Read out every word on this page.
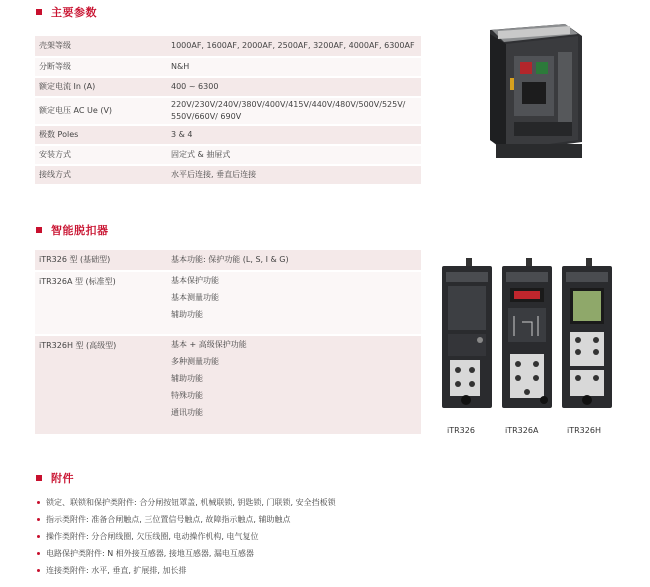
主要参数
壳架等级	1000AF, 1600AF, 2000AF, 2500AF, 3200AF, 4000AF, 6300AF
分断等级	N&H
额定电流 In (A)	400 ~ 6300
额定电压 AC Ue (V)	220V/230V/240V/380V/400V/415V/440V/480V/500V/525V/
550V/660V/ 690V

极数 Poles	3 & 4
安装方式	固定式 & 抽屉式
接线方式	水平后连接, 垂直后连接
智能脱扣器
iTR326 型 (基础型)	基本功能: 保护功能 (L, S, I & G)

iTR326A 型 (标准型)	基本保护功能
基本测量功能
辅助功能

iTR326H 型 (高级型)	基本 + 高级保护功能
多种测量功能
辅助功能
特殊功能
通讯功能
iTR326	iTR326A	iTR326H
附件
锁定、联锁和保护类附件: 合分闸按钮罩盖, 机械联锁, 钥匙锁, 门联锁, 安全挡板锁
指示类附件: 准备合闸触点, 三位置信号触点, 故障指示触点, 辅助触点
操作类附件: 分合闸线圈, 欠压线圈, 电动操作机构, 电气复位
电路保护类附件: N 相外接互感器, 接地互感器, 漏电互感器
连接类附件: 水平, 垂直, 扩展排, 加长排
